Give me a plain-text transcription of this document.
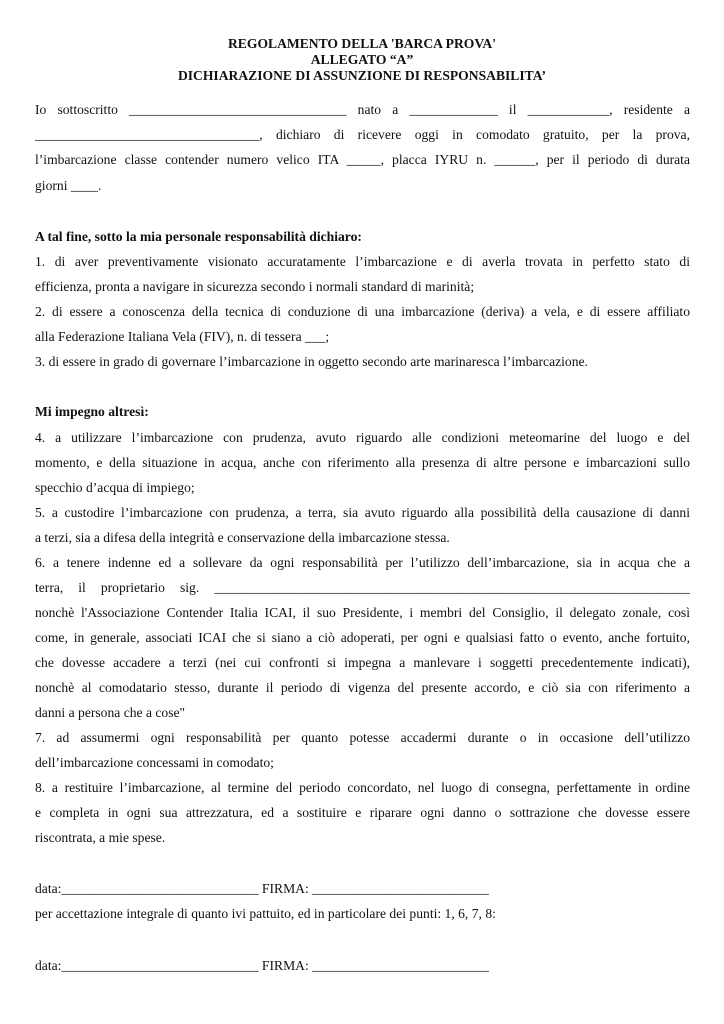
REGOLAMENTO DELLA 'BARCA PROVA'
ALLEGATO “A”
DICHIARAZIONE DI ASSUNZIONE DI RESPONSABILITA’
Io sottoscritto ________________________________ nato a _____________ il ____________, residente a
_________________________________, dichiaro di ricevere oggi in comodato gratuito, per la prova,
l’imbarcazione classe contender numero velico ITA _____, placca IYRU n. ______, per il periodo di durata
giorni ____.
A tal fine, sotto la mia personale responsabilità dichiaro:
1. di aver preventivamente visionato accuratamente l’imbarcazione e di averla trovata in perfetto stato di
efficienza, pronta a navigare in sicurezza secondo i normali standard di marinità;
2. di essere a conoscenza della tecnica di conduzione di una imbarcazione (deriva) a vela, e di essere affiliato
alla Federazione Italiana Vela (FIV), n. di tessera ___;
3. di essere in grado di governare l’imbarcazione in oggetto secondo arte marinaresca l’imbarcazione.
Mi impegno altresì:
4. a utilizzare l’imbarcazione con prudenza, avuto riguardo alle condizioni meteomarine del luogo e del
momento, e della situazione in acqua, anche con riferimento alla presenza di altre persone e imbarcazioni sullo
specchio d’acqua di impiego;
5. a custodire l’imbarcazione con prudenza, a terra, sia avuto riguardo alla possibilità della causazione di danni
a terzi, sia a difesa della integrità e conservazione della imbarcazione stessa.
6. a tenere indenne ed a sollevare da ogni responsabilità per l’utilizzo dell’imbarcazione, sia in acqua che a
terra, il proprietario sig. ______________________________________________________________________
nonchè l'Associazione Contender Italia ICAI, il suo Presidente, i membri del Consiglio, il delegato zonale, così
come, in generale, associati ICAI che si siano a ciò adoperati, per ogni e qualsiasi fatto o evento, anche fortuito,
che dovesse accadere a terzi (nei cui confronti si impegna a manlevare i soggetti precedentemente indicati),
nonchè al comodatario stesso, durante il periodo di vigenza del presente accordo, e ciò sia con riferimento a
danni a persona che a cose"
7. ad assumermi ogni responsabilità per quanto potesse accadermi durante o in occasione dell’utilizzo
dell’imbarcazione concessami in comodato;
8. a restituire l’imbarcazione, al termine del periodo concordato, nel luogo di consegna, perfettamente in ordine
e completa in ogni sua attrezzatura, ed a sostituire e riparare ogni danno o sottrazione che dovesse essere
riscontrata, a mie spese.
data:_____________________________ FIRMA: __________________________
per accettazione integrale di quanto ivi pattuito, ed in particolare dei punti: 1, 6, 7, 8:
data:_____________________________ FIRMA: __________________________
